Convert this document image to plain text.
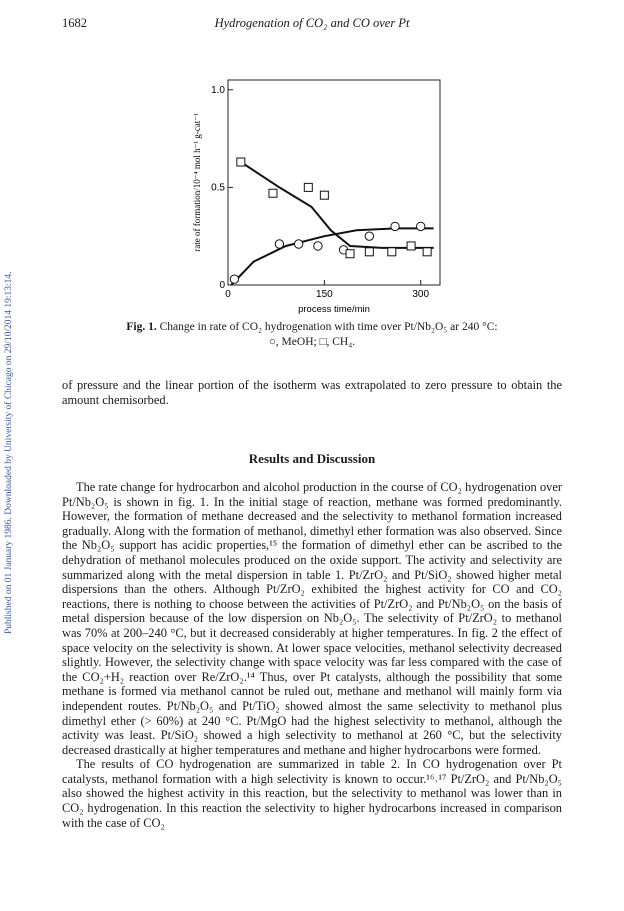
1682	Hydrogenation of CO₂ and CO over Pt
Published on 01 January 1986. Downloaded by University of Chicago on 29/10/2014 19:13:14.	0	150	300
0
0.5
1.0
process time/min
rate of formation/10⁻⁴ mol h⁻¹ g-cat⁻¹
Fig. 1. Change in rate of CO₂ hydrogenation with time over Pt/Nb₂O₅ ar 240 °C:
○, MeOH; □, CH₄.

of pressure and the linear portion of the isotherm was extrapolated to zero pressure to obtain the amount chemisorbed.

Results and Discussion

The rate change for hydrocarbon and alcohol production in the course of CO₂ hydrogenation over Pt/Nb₂O₅ is shown in fig. 1. In the initial stage of reaction, methane was formed predominantly. However, the formation of methane decreased and the selectivity to methanol formation increased gradually. Along with the formation of methanol, dimethyl ether formation was also observed. Since the Nb₂O₅ support has acidic properties,¹⁵ the formation of dimethyl ether can be ascribed to the dehydration of methanol molecules produced on the oxide support. The activity and selectivity are summarized along with the metal dispersion in table 1. Pt/ZrO₂ and Pt/SiO₂ showed higher metal dispersions than the others. Although Pt/ZrO₂ exhibited the highest activity for CO and CO₂ reactions, there is nothing to choose between the activities of Pt/ZrO₂ and Pt/Nb₂O₅ on the basis of metal dispersion because of the low dispersion on Nb₂O₅. The selectivity of Pt/ZrO₂ to methanol was 70% at 200–240 °C, but it decreased considerably at higher temperatures. In fig. 2 the effect of space velocity on the selectivity is shown. At lower space velocities, methanol selectivity decreased slightly. However, the selectivity change with space velocity was far less compared with the case of the CO₂+H₂ reaction over Re/ZrO₂.¹⁴ Thus, over Pt catalysts, although the possibility that some methane is formed via methanol cannot be ruled out, methane and methanol will mainly form via independent routes. Pt/Nb₂O₅ and Pt/TiO₂ showed almost the same selectivity to methanol plus dimethyl ether (> 60%) at 240 °C. Pt/MgO had the highest selectivity to methanol, although the activity was least. Pt/SiO₂ showed a high selectivity to methanol at 260 °C, but the selectivity decreased drastically at higher temperatures and methane and higher hydrocarbons were formed.

The results of CO hydrogenation are summarized in table 2. In CO hydrogenation over Pt catalysts, methanol formation with a high selectivity is known to occur.¹⁶˒¹⁷ Pt/ZrO₂ and Pt/Nb₂O₅ also showed the highest activity in this reaction, but the selectivity to methanol was lower than in CO₂ hydrogenation. In this reaction the selectivity to higher hydrocarbons increased in comparison with the case of CO₂
